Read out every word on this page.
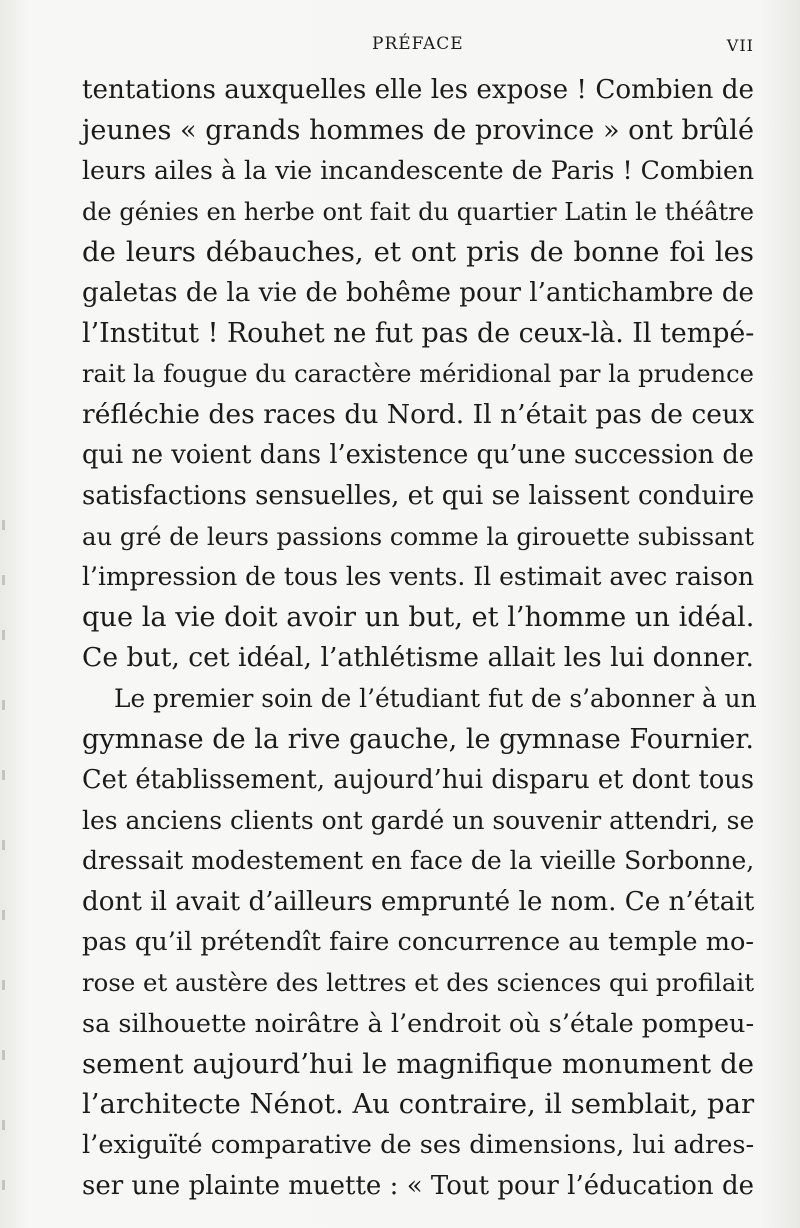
PRÉFACE	VII
tentations auxquelles elle les expose ! Combien de
jeunes « grands hommes de province » ont brûlé
leurs ailes à la vie incandescente de Paris ! Combien
de génies en herbe ont fait du quartier Latin le théâtre
de leurs débauches, et ont pris de bonne foi les
galetas de la vie de bohême pour l’antichambre de
l’Institut ! Rouhet ne fut pas de ceux-là. Il tempé-
rait la fougue du caractère méridional par la prudence
réfléchie des races du Nord. Il n’était pas de ceux
qui ne voient dans l’existence qu’une succession de
satisfactions sensuelles, et qui se laissent conduire
au gré de leurs passions comme la girouette subissant
l’impression de tous les vents. Il estimait avec raison
que la vie doit avoir un but, et l’homme un idéal.
Ce but, cet idéal, l’athlétisme allait les lui donner.
Le premier soin de l’étudiant fut de s’abonner à un
gymnase de la rive gauche, le gymnase Fournier.
Cet établissement, aujourd’hui disparu et dont tous
les anciens clients ont gardé un souvenir attendri, se
dressait modestement en face de la vieille Sorbonne,
dont il avait d’ailleurs emprunté le nom. Ce n’était
pas qu’il prétendît faire concurrence au temple mo-
rose et austère des lettres et des sciences qui profilait
sa silhouette noirâtre à l’endroit où s’étale pompeu-
sement aujourd’hui le magnifique monument de
l’architecte Nénot. Au contraire, il semblait, par
l’exiguïté comparative de ses dimensions, lui adres-
ser une plainte muette : « Tout pour l’éducation de
